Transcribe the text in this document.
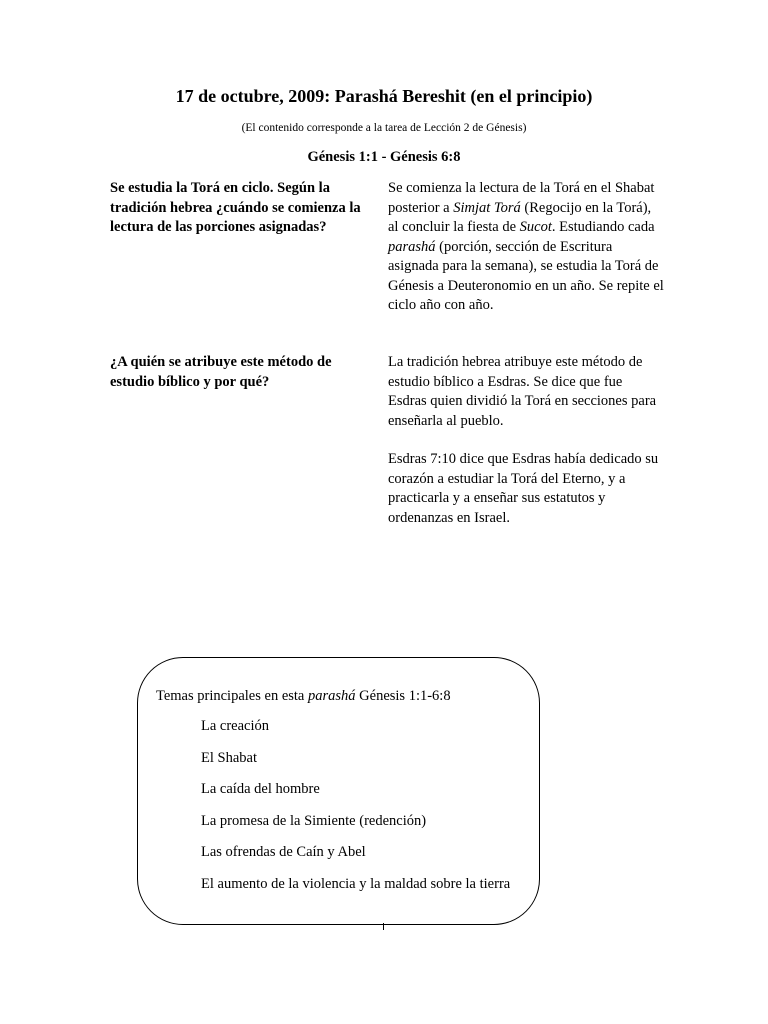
17 de octubre, 2009: Parashá Bereshit (en el principio)
(El contenido corresponde a la tarea de Lección 2 de Génesis)
Génesis 1:1 - Génesis 6:8
Se estudia la Torá en ciclo. Según la tradición hebrea ¿cuándo se comienza la lectura de las porciones asignadas?

Se comienza la lectura de la Torá en el Shabat posterior a Simjat Torá (Regocijo en la Torá), al concluir la fiesta de Sucot. Estudiando cada parashá (porción, sección de Escritura asignada para la semana), se estudia la Torá de Génesis a Deuteronomio en un año. Se repite el ciclo año con año.

¿A quién se atribuye este método de estudio bíblico y por qué?

La tradición hebrea atribuye este método de estudio bíblico a Esdras. Se dice que fue Esdras quien dividió la Torá en secciones para enseñarla al pueblo.

Esdras 7:10 dice que Esdras había dedicado su corazón a estudiar la Torá del Eterno, y a practicarla y a enseñar sus estatutos y ordenanzas en Israel.

Temas principales en esta parashá Génesis 1:1-6:8
La creación
El Shabat
La caída del hombre
La promesa de la Simiente (redención)
Las ofrendas de Caín y Abel
El aumento de la violencia y la maldad sobre la tierra
